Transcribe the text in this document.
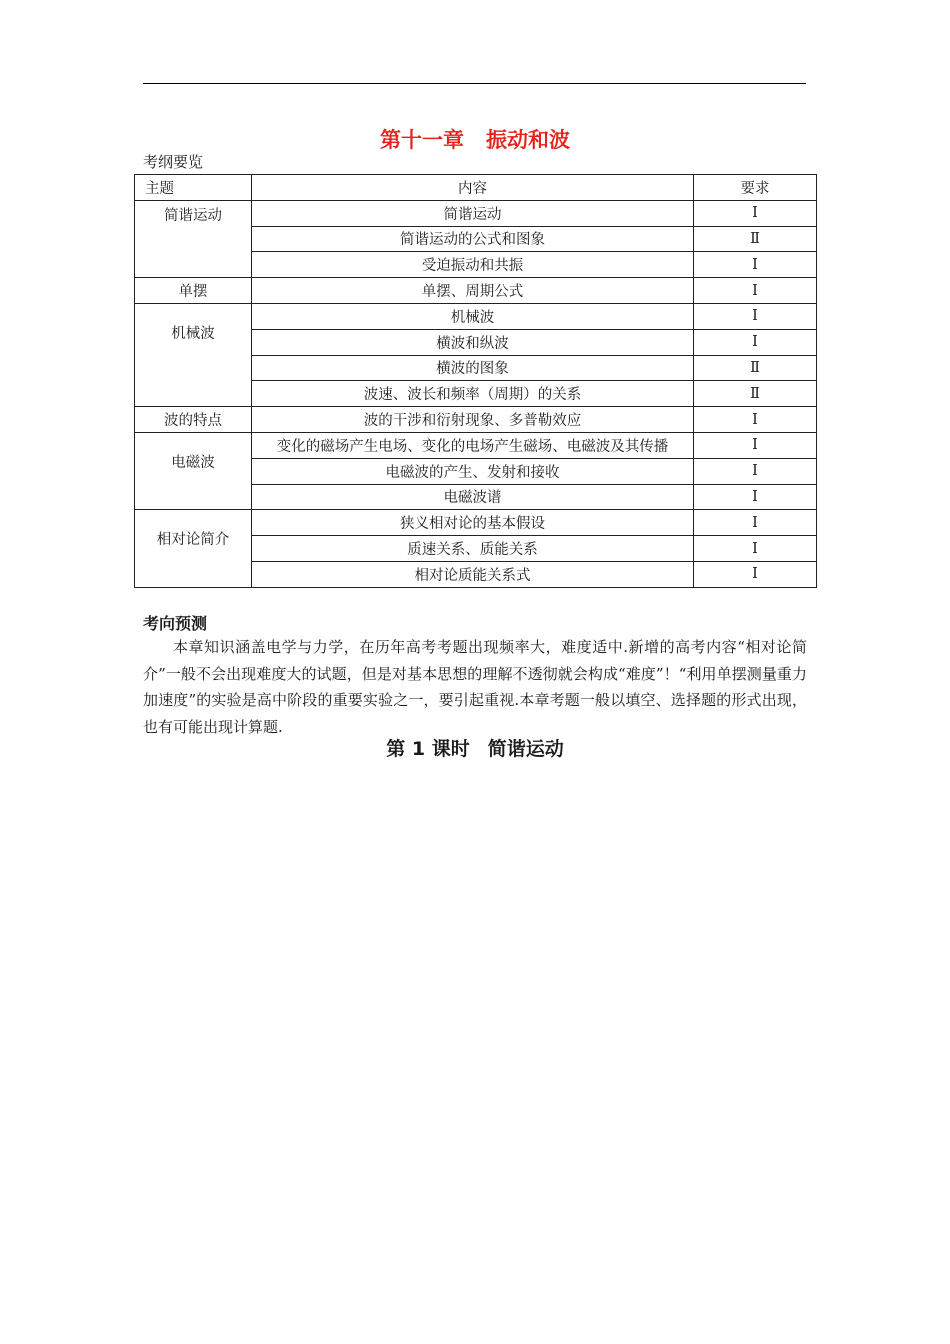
第十一章 振动和波
考纲要览
主题	内容	要求
简谐运动	简谐运动	Ⅰ
	简谐运动的公式和图象	Ⅱ
	受迫振动和共振	Ⅰ
单摆	单摆、周期公式	Ⅰ
机械波	机械波	Ⅰ
	横波和纵波	Ⅰ
	横波的图象	Ⅱ
	波速、波长和频率（周期）的关系	Ⅱ
波的特点	波的干涉和衍射现象、多普勒效应	Ⅰ
电磁波	变化的磁场产生电场、变化的电场产生磁场、电磁波及其传播	Ⅰ
	电磁波的产生、发射和接收	Ⅰ
	电磁波谱	Ⅰ
相对论简介	狭义相对论的基本假设	Ⅰ
	质速关系、质能关系	Ⅰ
	相对论质能关系式	Ⅰ
考向预测
本章知识涵盖电学与力学，在历年高考考题出现频率大，难度适中.新增的高考内容“相对论简介”一般不会出现难度大的试题，但是对基本思想的理解不透彻就会构成“难度”！“利用单摆测量重力加速度”的实验是高中阶段的重要实验之一，要引起重视.本章考题一般以填空、选择题的形式出现，也有可能出现计算题.
第 1 课时 简谐运动
